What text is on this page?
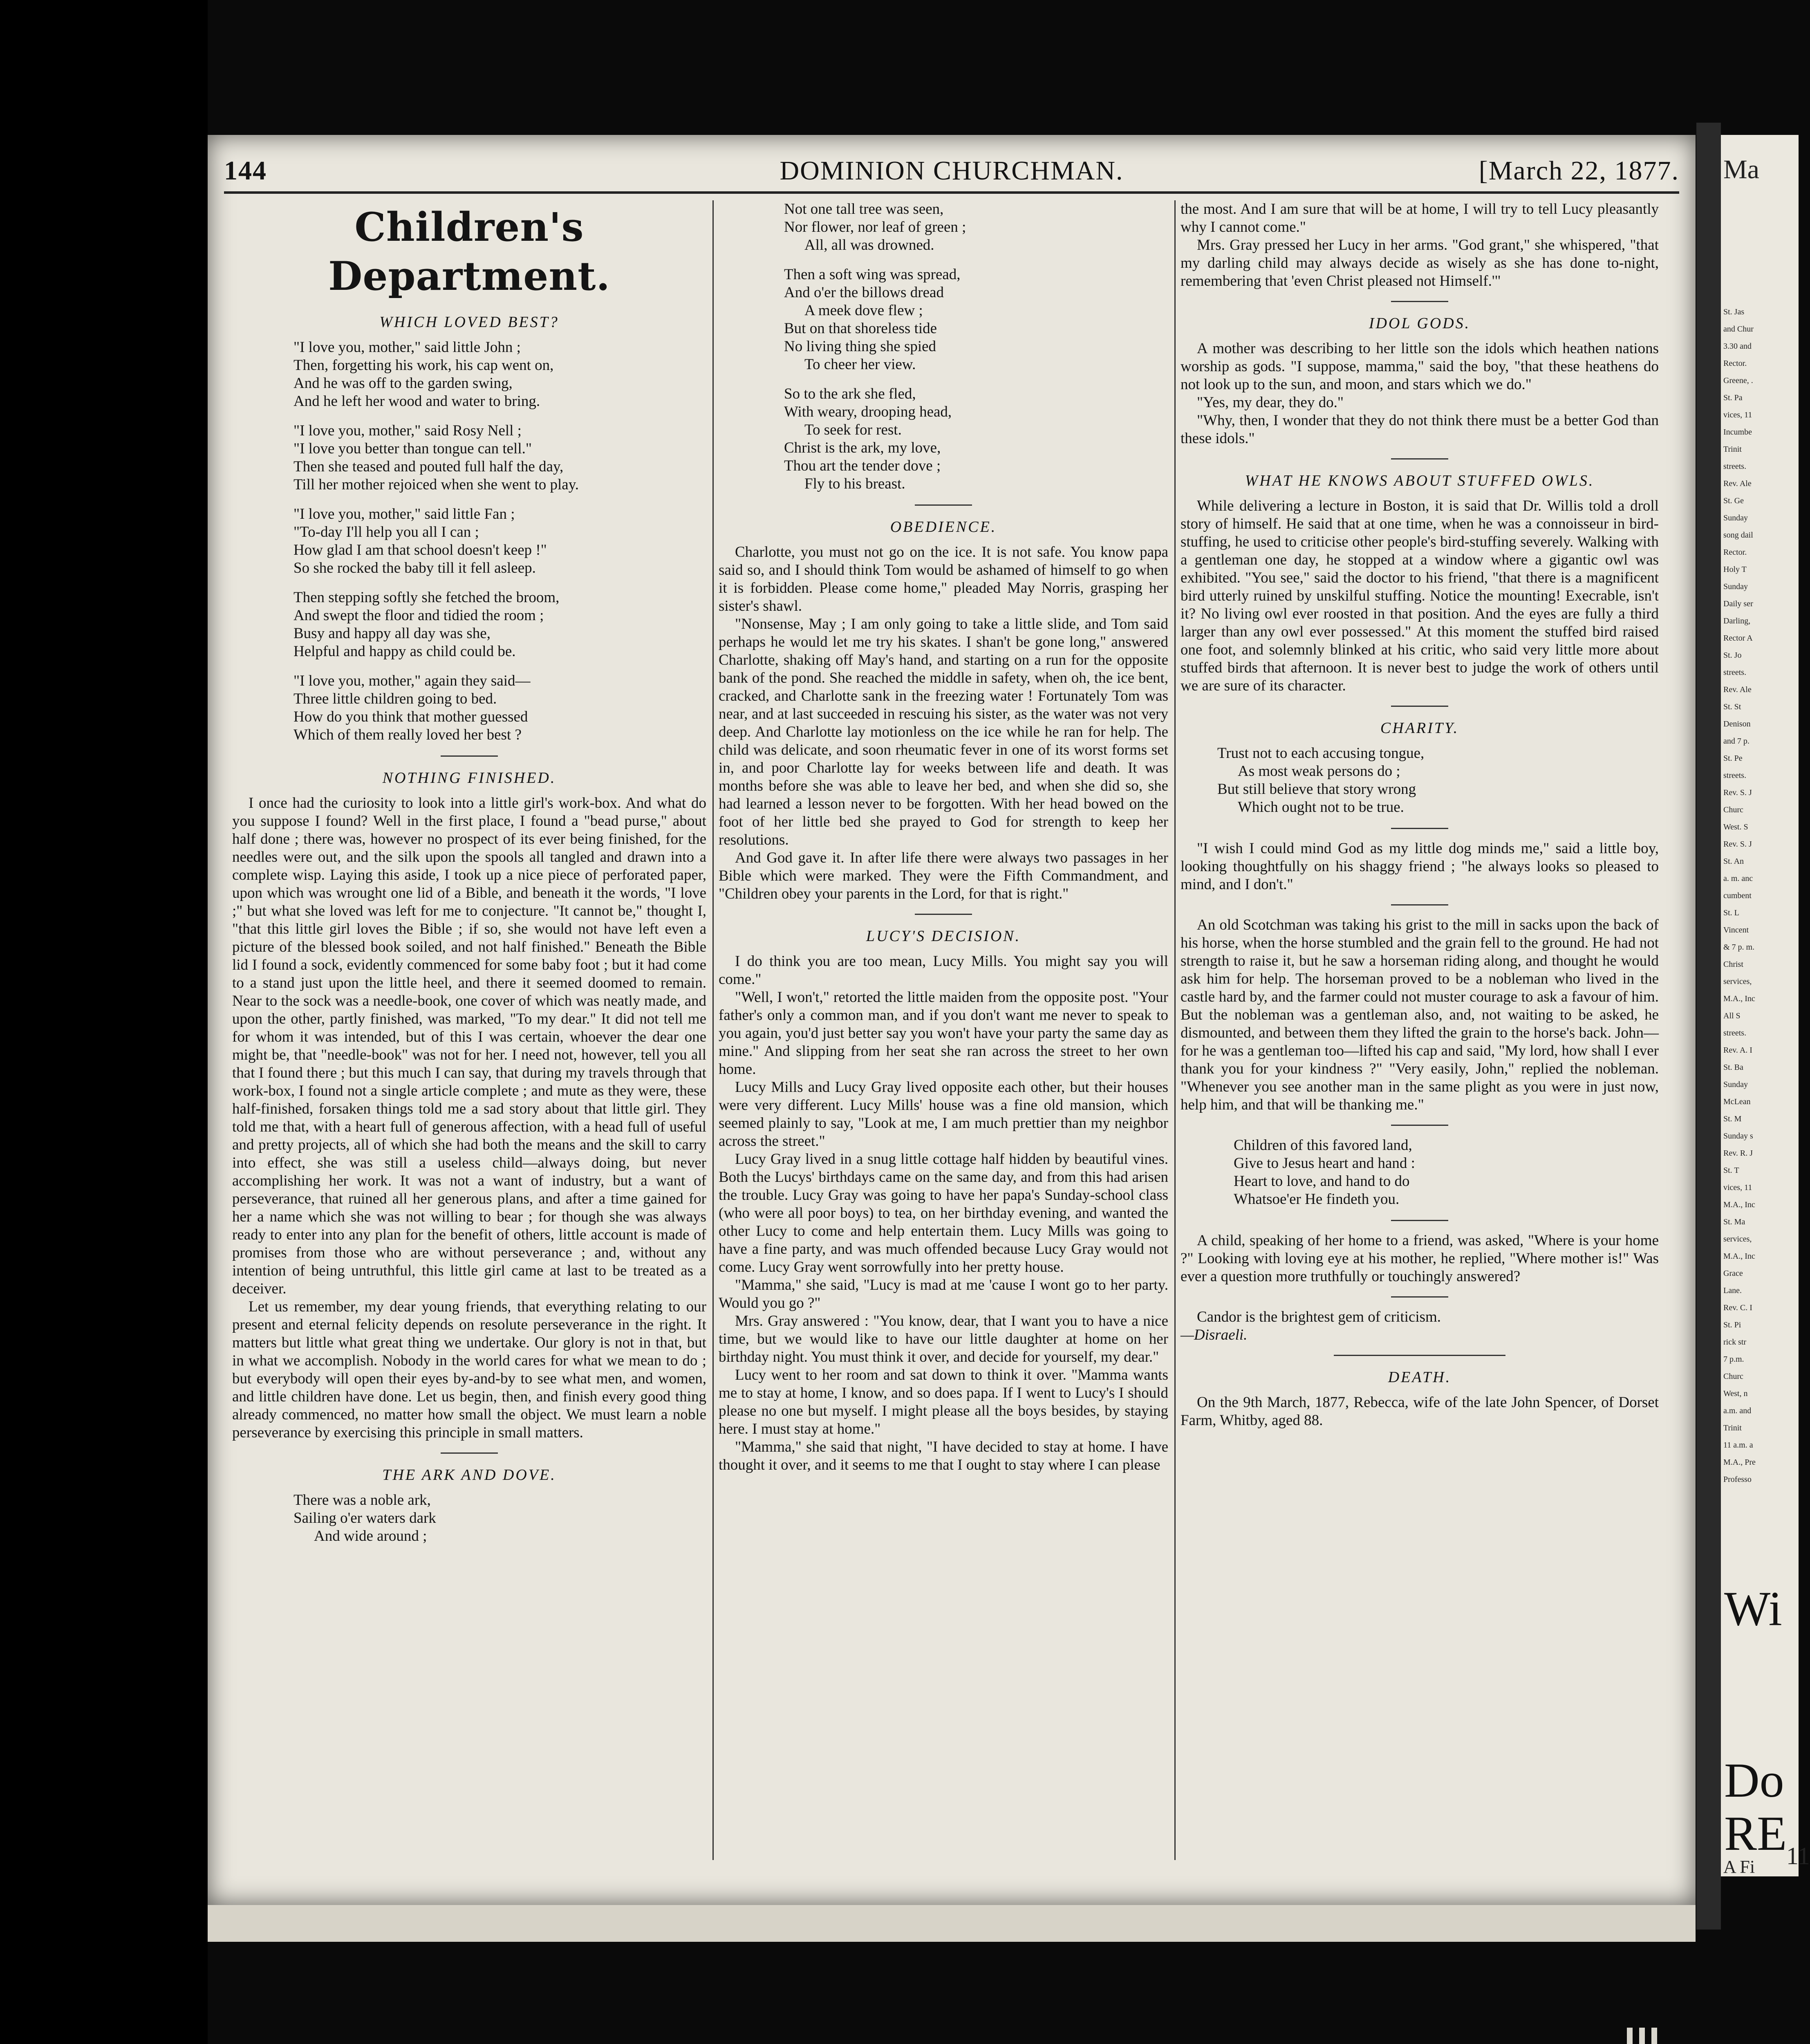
144	DOMINION CHURCHMAN.	[March 22, 1877.
Children's Department.
WHICH LOVED BEST?

"I love you, mother," said little John ;
Then, forgetting his work, his cap went on,
And he was off to the garden swing,
And he left her wood and water to bring.

"I love you, mother," said Rosy Nell ;
"I love you better than tongue can tell."
Then she teased and pouted full half the day,
Till her mother rejoiced when she went to play.

"I love you, mother," said little Fan ;
"To-day I'll help you all I can ;
How glad I am that school doesn't keep !"
So she rocked the baby till it fell asleep.

Then stepping softly she fetched the broom,
And swept the floor and tidied the room ;
Busy and happy all day was she,
Helpful and happy as child could be.

"I love you, mother," again they said—
Three little children going to bed.
How do you think that mother guessed
Which of them really loved her best ?

NOTHING FINISHED.

I once had the curiosity to look into a little girl's work-box. And what do you suppose I found? Well in the first place, I found a "bead purse," about half done ; there was, however no prospect of its ever being finished, for the needles were out, and the silk upon the spools all tangled and drawn into a complete wisp. Laying this aside, I took up a nice piece of perforated paper, upon which was wrought one lid of a Bible, and beneath it the words, "I love ;" but what she loved was left for me to conjecture. "It cannot be," thought I, "that this little girl loves the Bible ; if so, she would not have left even a picture of the blessed book soiled, and not half finished." Beneath the Bible lid I found a sock, evidently commenced for some baby foot ; but it had come to a stand just upon the little heel, and there it seemed doomed to remain. Near to the sock was a needle-book, one cover of which was neatly made, and upon the other, partly finished, was marked, "To my dear." It did not tell me for whom it was intended, but of this I was certain, whoever the dear one might be, that "needle-book" was not for her. I need not, however, tell you all that I found there ; but this much I can say, that during my travels through that work-box, I found not a single article complete ; and mute as they were, these half-finished, forsaken things told me a sad story about that little girl. They told me that, with a heart full of generous affection, with a head full of useful and pretty projects, all of which she had both the means and the skill to carry into effect, she was still a useless child—always doing, but never accomplishing her work. It was not a want of industry, but a want of perseverance, that ruined all her generous plans, and after a time gained for her a name which she was not willing to bear ; for though she was always ready to enter into any plan for the benefit of others, little account is made of promises from those who are without perseverance ; and, without any intention of being untruthful, this little girl came at last to be treated as a deceiver.

Let us remember, my dear young friends, that everything relating to our present and eternal felicity depends on resolute perseverance in the right. It matters but little what great thing we undertake. Our glory is not in that, but in what we accomplish. Nobody in the world cares for what we mean to do ; but everybody will open their eyes by-and-by to see what men, and women, and little children have done. Let us begin, then, and finish every good thing already commenced, no matter how small the object. We must learn a noble perseverance by exercising this principle in small matters.

THE ARK AND DOVE.

There was a noble ark,
Sailing o'er waters dark
And wide around ;

Not one tall tree was seen,
Nor flower, nor leaf of green ;
All, all was drowned.

Then a soft wing was spread,
And o'er the billows dread
A meek dove flew ;
But on that shoreless tide
No living thing she spied
To cheer her view.

So to the ark she fled,
With weary, drooping head,
To seek for rest.
Christ is the ark, my love,
Thou art the tender dove ;
Fly to his breast.

OBEDIENCE.

Charlotte, you must not go on the ice. It is not safe. You know papa said so, and I should think Tom would be ashamed of himself to go when it is forbidden. Please come home," pleaded May Norris, grasping her sister's shawl.

"Nonsense, May ; I am only going to take a little slide, and Tom said perhaps he would let me try his skates. I shan't be gone long," answered Charlotte, shaking off May's hand, and starting on a run for the opposite bank of the pond. She reached the middle in safety, when oh, the ice bent, cracked, and Charlotte sank in the freezing water ! Fortunately Tom was near, and at last succeeded in rescuing his sister, as the water was not very deep. And Charlotte lay motionless on the ice while he ran for help. The child was delicate, and soon rheumatic fever in one of its worst forms set in, and poor Charlotte lay for weeks between life and death. It was months before she was able to leave her bed, and when she did so, she had learned a lesson never to be forgotten. With her head bowed on the foot of her little bed she prayed to God for strength to keep her resolutions.

And God gave it. In after life there were always two passages in her Bible which were marked. They were the Fifth Commandment, and "Children obey your parents in the Lord, for that is right."

LUCY'S DECISION.

I do think you are too mean, Lucy Mills. You might say you will come."

"Well, I won't," retorted the little maiden from the opposite post. "Your father's only a common man, and if you don't want me never to speak to you again, you'd just better say you won't have your party the same day as mine." And slipping from her seat she ran across the street to her own home.

Lucy Mills and Lucy Gray lived opposite each other, but their houses were very different. Lucy Mills' house was a fine old mansion, which seemed plainly to say, "Look at me, I am much prettier than my neighbor across the street."

Lucy Gray lived in a snug little cottage half hidden by beautiful vines. Both the Lucys' birthdays came on the same day, and from this had arisen the trouble. Lucy Gray was going to have her papa's Sunday-school class (who were all poor boys) to tea, on her birthday evening, and wanted the other Lucy to come and help entertain them. Lucy Mills was going to have a fine party, and was much offended because Lucy Gray would not come. Lucy Gray went sorrowfully into her pretty house.

"Mamma," she said, "Lucy is mad at me 'cause I wont go to her party. Would you go ?"

Mrs. Gray answered : "You know, dear, that I want you to have a nice time, but we would like to have our little daughter at home on her birthday night. You must think it over, and decide for yourself, my dear."

Lucy went to her room and sat down to think it over. "Mamma wants me to stay at home, I know, and so does papa. If I went to Lucy's I should please no one but myself. I might please all the boys besides, by staying here. I must stay at home."

"Mamma," she said that night, "I have decided to stay at home. I have thought it over, and it seems to me that I ought to stay where I can please

the most. And I am sure that will be at home, I will try to tell Lucy pleasantly why I cannot come."

Mrs. Gray pressed her Lucy in her arms. "God grant," she whispered, "that my darling child may always decide as wisely as she has done to-night, remembering that 'even Christ pleased not Himself.'"

IDOL GODS.

A mother was describing to her little son the idols which heathen nations worship as gods. "I suppose, mamma," said the boy, "that these heathens do not look up to the sun, and moon, and stars which we do."

"Yes, my dear, they do."

"Why, then, I wonder that they do not think there must be a better God than these idols."

WHAT HE KNOWS ABOUT STUFFED OWLS.

While delivering a lecture in Boston, it is said that Dr. Willis told a droll story of himself. He said that at one time, when he was a connoisseur in bird-stuffing, he used to criticise other people's bird-stuffing severely. Walking with a gentleman one day, he stopped at a window where a gigantic owl was exhibited. "You see," said the doctor to his friend, "that there is a magnificent bird utterly ruined by unskilful stuffing. Notice the mounting! Execrable, isn't it? No living owl ever roosted in that position. And the eyes are fully a third larger than any owl ever possessed." At this moment the stuffed bird raised one foot, and solemnly blinked at his critic, who said very little more about stuffed birds that afternoon. It is never best to judge the work of others until we are sure of its character.

CHARITY.

Trust not to each accusing tongue,
As most weak persons do ;
But still believe that story wrong
Which ought not to be true.

"I wish I could mind God as my little dog minds me," said a little boy, looking thoughtfully on his shaggy friend ; "he always looks so pleased to mind, and I don't."

An old Scotchman was taking his grist to the mill in sacks upon the back of his horse, when the horse stumbled and the grain fell to the ground. He had not strength to raise it, but he saw a horseman riding along, and thought he would ask him for help. The horseman proved to be a nobleman who lived in the castle hard by, and the farmer could not muster courage to ask a favour of him. But the nobleman was a gentleman also, and, not waiting to be asked, he dismounted, and between them they lifted the grain to the horse's back. John—for he was a gentleman too—lifted his cap and said, "My lord, how shall I ever thank you for your kindness ?" "Very easily, John," replied the nobleman. "Whenever you see another man in the same plight as you were in just now, help him, and that will be thanking me."

Children of this favored land,
Give to Jesus heart and hand :
Heart to love, and hand to do
Whatsoe'er He findeth you.

A child, speaking of her home to a friend, was asked, "Where is your home ?" Looking with loving eye at his mother, he replied, "Where mother is!" Was ever a question more truthfully or touchingly answered?

Candor is the brightest gem of criticism.

—Disraeli.

DEATH.

On the 9th March, 1877, Rebecca, wife of the late John Spencer, of Dorset Farm, Whitby, aged 88.

Ma
St. Jas
and Chur
3.30 and
Rector.
Greene, .
St. Pa
vices, 11
Incumbe
Trinit
streets.
Rev. Ale
St. Ge
Sunday
song dail
Rector.
Holy T
Sunday
Daily ser
Darling,
Rector A
St. Jo
streets.
Rev. Ale
St. St
Denison
and 7 p.
St. Pe
streets.
Rev. S. J
Churc
West. S
Rev. S. J
St. An
a. m. anc
cumbent
St. L
Vincent
& 7 p. m.
Christ
services,
M.A., Inc
All S
streets.
Rev. A. I
St. Ba
Sunday
McLean
St. M
Sunday s
Rev. R. J
St. T
vices, 11
M.A., Inc
St. Ma
services,
M.A., Inc
Grace
Lane.
Rev. C. I
St. Pi
rick str
7 p.m.
Churc
West, n
a.m. and
Trinit
11 a.m. a
M.A., Pre
Professo
Wi
Do
RE
11
A Fi
